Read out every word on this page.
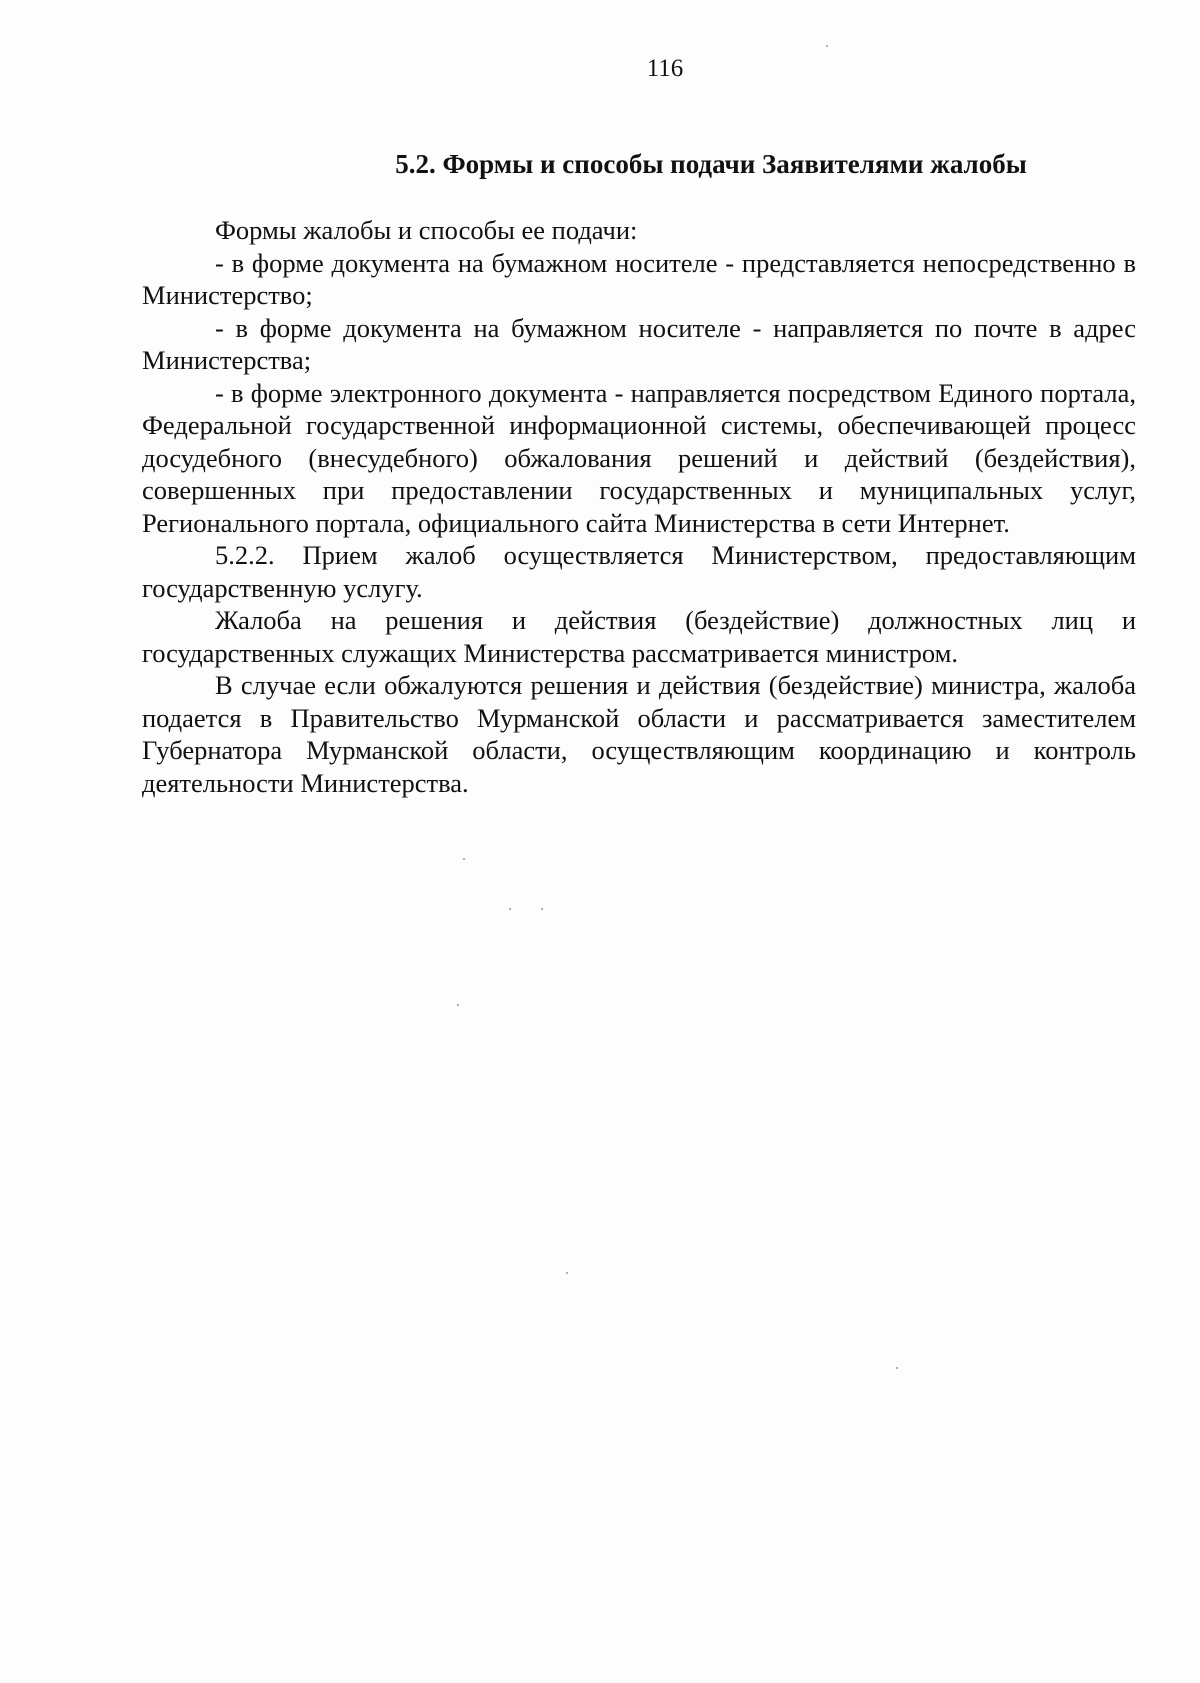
116
5.2. Формы и способы подачи Заявителями жалобы

Формы жалобы и способы ее подачи:

- в форме документа на бумажном носителе - представляется непосредственно в Министерство;

- в форме документа на бумажном носителе - направляется по почте в адрес Министерства;

- в форме электронного документа - направляется посредством Единого портала, Федеральной государственной информационной системы, обеспечивающей процесс досудебного (внесудебного) обжалования решений и действий (бездействия), совершенных при предоставлении государственных и муниципальных услуг, Регионального портала, официального сайта Министерства в сети Интернет.

5.2.2. Прием жалоб осуществляется Министерством, предоставляющим государственную услугу.

Жалоба на решения и действия (бездействие) должностных лиц и государственных служащих Министерства рассматривается министром.

В случае если обжалуются решения и действия (бездействие) министра, жалоба подается в Правительство Мурманской области и рассматривается заместителем Губернатора Мурманской области, осуществляющим координацию и контроль деятельности Министерства.
